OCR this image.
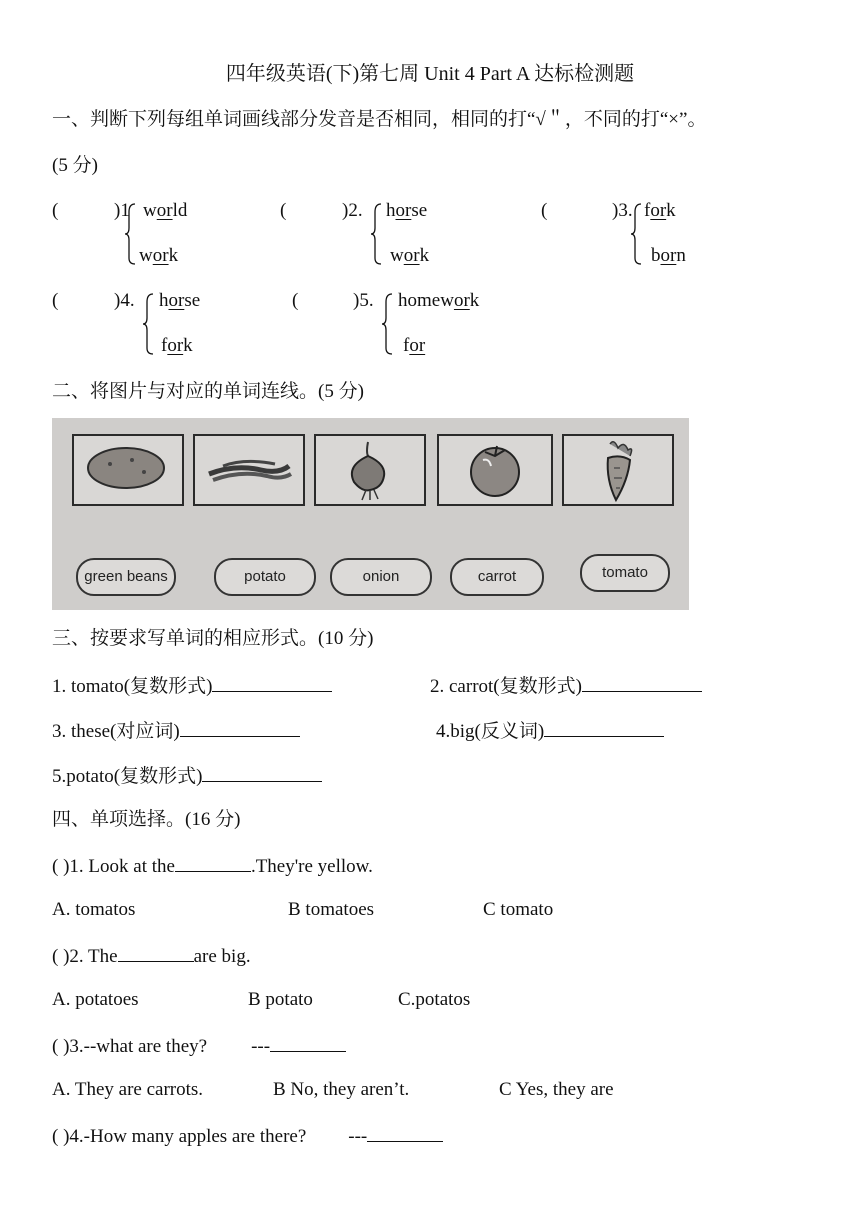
四年级英语(下)第七周 Unit 4 Part A 达标检测题
一、判断下列每组单词画线部分发音是否相同，相同的打“√＂，不同的打“×”。
(5 分)
(	)1 world
work
(	)2. horse
work
(	)3. fork
born
(	)4. horse
fork
(	)5. homework
for
二、将图片与对应的单词连线。(5 分)
green beans	potato	onion	carrot	tomato
三、按要求写单词的相应形式。(10 分)
1. tomato(复数形式)	2. carrot(复数形式)
3. these(对应词)	4.big(反义词)
5.potato(复数形式)
四、单项选择。(16 分)
( )1. Look at the	.They're yellow.
A. tomatos	B tomatoes	C tomato
( )2. The	are big.
A. potatoes	B potato	C.potatos
( )3.--what are they? ---
A. They are carrots.	B No, they aren’t.	C Yes, they are
( )4.-How many apples are there? ---
